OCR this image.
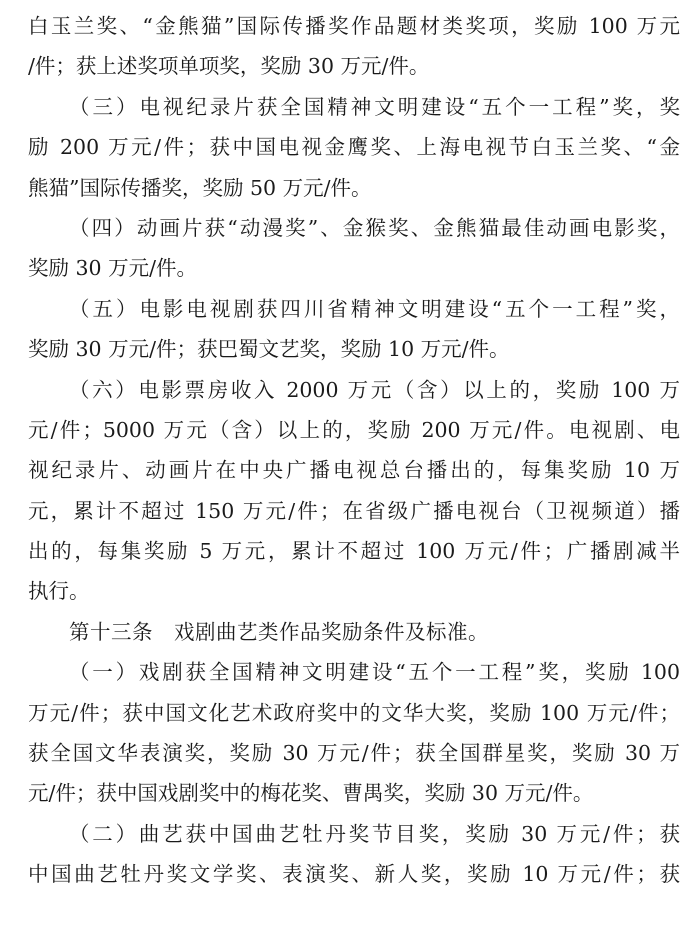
白玉兰奖、“金熊猫”国际传播奖作品题材类奖项，奖励 100 万元
/件；获上述奖项单项奖，奖励 30 万元/件。
（三）电视纪录片获全国精神文明建设“五个一工程”奖，奖
励 200 万元/件；获中国电视金鹰奖、上海电视节白玉兰奖、“金
熊猫”国际传播奖，奖励 50 万元/件。
（四）动画片获“动漫奖”、金猴奖、金熊猫最佳动画电影奖，
奖励 30 万元/件。
（五）电影电视剧获四川省精神文明建设“五个一工程”奖，
奖励 30 万元/件；获巴蜀文艺奖，奖励 10 万元/件。
（六）电影票房收入 2000 万元（含）以上的，奖励 100 万
元/件；5000 万元（含）以上的，奖励 200 万元/件。电视剧、电
视纪录片、动画片在中央广播电视总台播出的，每集奖励 10 万
元，累计不超过 150 万元/件；在省级广播电视台（卫视频道）播
出的，每集奖励 5 万元，累计不超过 100 万元/件；广播剧减半
执行。
第十三条　戏剧曲艺类作品奖励条件及标准。
（一）戏剧获全国精神文明建设“五个一工程”奖，奖励 100
万元/件；获中国文化艺术政府奖中的文华大奖，奖励 100 万元/件；
获全国文华表演奖，奖励 30 万元/件；获全国群星奖，奖励 30 万
元/件；获中国戏剧奖中的梅花奖、曹禺奖，奖励 30 万元/件。
（二）曲艺获中国曲艺牡丹奖节目奖，奖励 30 万元/件；获
中国曲艺牡丹奖文学奖、表演奖、新人奖，奖励 10 万元/件；获
